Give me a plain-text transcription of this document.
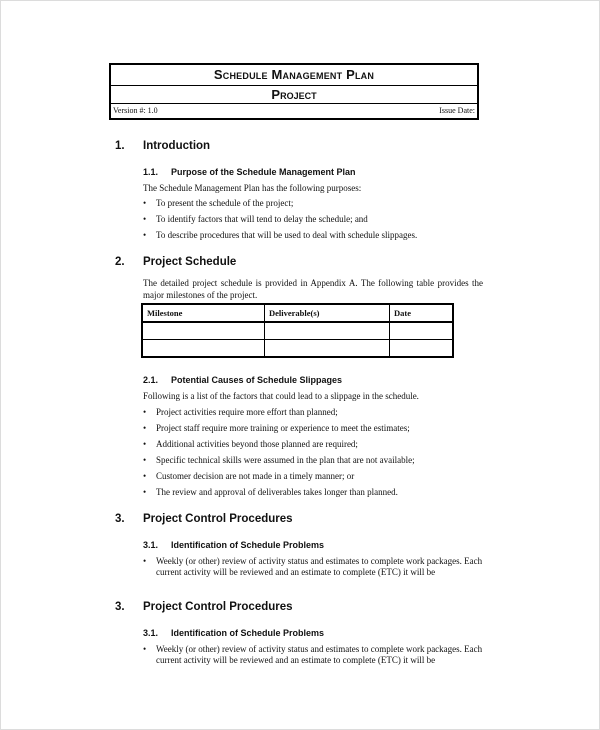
Schedule Management Plan
Project
Version #: 1.0	Issue Date:
1. Introduction
1.1. Purpose of the Schedule Management Plan
The Schedule Management Plan has the following purposes:
• To present the schedule of the project;
• To identify factors that will tend to delay the schedule; and
• To describe procedures that will be used to deal with schedule slippages.
2. Project Schedule
The detailed project schedule is provided in Appendix A. The following table provides the major milestones of the project.
Milestone	Deliverable(s)	Date

2.1. Potential Causes of Schedule Slippages
Following is a list of the factors that could lead to a slippage in the schedule.
• Project activities require more effort than planned;
• Project staff require more training or experience to meet the estimates;
• Additional activities beyond those planned are required;
• Specific technical skills were assumed in the plan that are not available;
• Customer decision are not made in a timely manner; or
• The review and approval of deliverables takes longer than planned.
3. Project Control Procedures
3.1. Identification of Schedule Problems
• Weekly (or other) review of activity status and estimates to complete work packages. Each current activity will be reviewed and an estimate to complete (ETC) it will be
3. Project Control Procedures
3.1. Identification of Schedule Problems
• Weekly (or other) review of activity status and estimates to complete work packages. Each current activity will be reviewed and an estimate to complete (ETC) it will be
